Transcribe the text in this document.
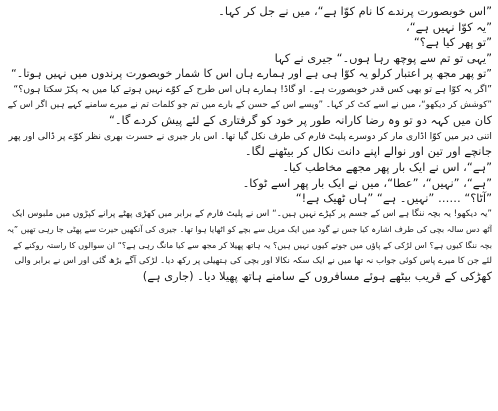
”اس خوبصورت پرندے کا نام کوّا ہے“، میں نے جل کر کہا۔
”یہ کوّا نہیں ہے“،
”تو پھر کیا ہے؟“
”یہی تو تم سے پوچھ رہا ہوں۔“ جیری نے کہا
”تو پھر مجھ پر اعتبار کرلو یہ کوّا ہی ہے اور ہمارے ہاں اس کا شمار خوبصورت پرندوں میں نہیں ہوتا۔“
”اگر یہ کوّا ہے تو بھی کس قدر خوبصورت ہے۔ او گاڈ! ہمارے ہاں اس طرح کے کوّے نہیں ہوتے کیا میں یہ پکڑ سکتا ہوں؟“
”کوشش کر دیکھو“، میں نے اسے کٹ کر کہا۔ ”ویسے اس کے حسن کے بارے میں تم جو کلمات تم نے میرے سامنے کہے ہیں اگر اس کے
کان میں کہہ دو تو وہ رضا کارانہ طور پر خود کو گرفتاری کے لئے پیش کردے گا۔“
اتنی دیر میں کوّا اڈاری مار کر دوسرے پلیٹ فارم کی طرف نکل گیا تھا۔ اس بار جیری نے حسرت بھری نظر کوّے پر ڈالی اور پھر
جانچے اور تین اور نوالے اپنے دانت نکال کر بیٹھنے لگا۔
”ہے“، اس نے ایک بار پھر مجھے مخاطب کیا۔
”ہے“، ”نہیں“، ”عطا“، میں نے ایک بار پھر اسے ٹوکا۔
”آٹا؟“ …… ”نہیں۔ ہے“ ”ہاں ٹھیک ہے!“
”یہ دیکھو! یہ بچہ ننگا ہے اس کے جسم پر کپڑے نہیں ہیں۔“ اس نے پلیٹ فارم کے برابر میں کھڑی پھٹے پرانے کپڑوں میں ملبوس ایک
آٹھ دس سالہ بچی کی طرف اشارہ کیا جس نے گود میں ایک مریل سے بچے کو اٹھایا ہوا تھا۔ جیری کی آنکھیں حیرت سے پھٹی جا رہی تھیں ”یہ
بچہ ننگا کیوں ہے؟ اس لڑکی کے پاؤں میں جوتے کیوں نہیں ہیں؟ یہ ہاتھ پھیلا کر مجھ سے کیا مانگ رہی ہے؟“ ان سوالوں کا راستہ روکنے کے
لئے جن کا میرے پاس کوئی جواب نہ تھا میں نے ایک سکہ نکالا اور بچی کی ہتھیلی پر رکھ دیا۔ لڑکی آگے بڑھ گئی اور اس نے برابر والی
کھڑکی کے قریب بیٹھے ہوئے مسافروں کے سامنے ہاتھ پھیلا دیا۔ (جاری ہے)
